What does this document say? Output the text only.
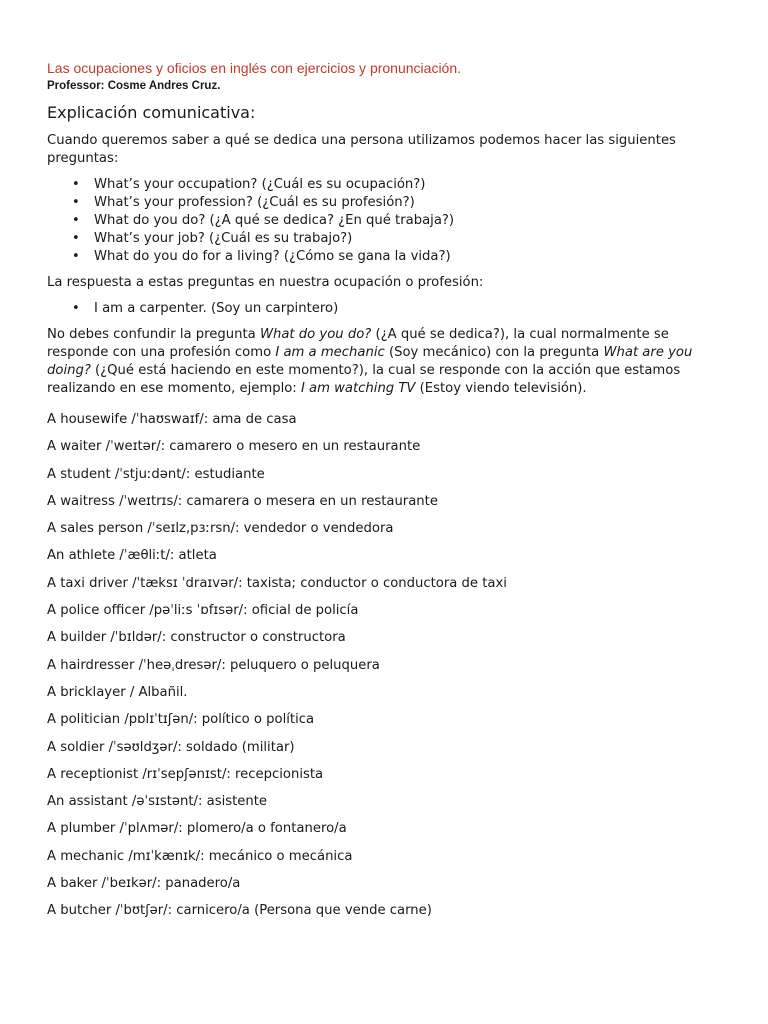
Las ocupaciones y oficios en inglés con ejercicios y pronunciación.

Professor: Cosme Andres Cruz.

Explicación comunicativa:

Cuando queremos saber a qué se dedica una persona utilizamos podemos hacer las siguientes preguntas:

• What’s your occupation? (¿Cuál es su ocupación?)
• What’s your profession? (¿Cuál es su profesión?)
• What do you do? (¿A qué se dedica? ¿En qué trabaja?)
• What’s your job? (¿Cuál es su trabajo?)
• What do you do for a living? (¿Cómo se gana la vida?)

La respuesta a estas preguntas en nuestra ocupación o profesión:

• I am a carpenter. (Soy un carpintero)

No debes confundir la pregunta What do you do? (¿A qué se dedica?), la cual normalmente se responde con una profesión como I am a mechanic (Soy mecánico) con la pregunta What are you doing? (¿Qué está haciendo en este momento?), la cual se responde con la acción que estamos realizando en ese momento, ejemplo: I am watching TV (Estoy viendo televisión).

A housewife /ˈhaʊswaɪf/: ama de casa
A waiter /ˈweɪtər/: camarero o mesero en un restaurante
A student /ˈstjuːdənt/: estudiante
A waitress /ˈweɪtrɪs/: camarera o mesera en un restaurante
A sales person /ˈseɪlz,pɜːrsn/: vendedor o vendedora
An athlete /ˈæθliːt/: atleta
A taxi driver /ˈtæksɪ ˈdraɪvər/: taxista; conductor o conductora de taxi
A police officer /pəˈliːs ˈɒfɪsər/: oficial de policía
A builder /ˈbɪldər/: constructor o constructora
A hairdresser /ˈheəˌdresər/: peluquero o peluquera
A bricklayer / Albañil.
A politician /pɒlɪˈtɪʃən/: político o política
A soldier /ˈsəʊldʒər/: soldado (militar)
A receptionist /rɪˈsepʃənɪst/: recepcionista
An assistant /əˈsɪstənt/: asistente
A plumber /ˈplʌmər/: plomero/a o fontanero/a
A mechanic /mɪˈkænɪk/: mecánico o mecánica
A baker /ˈbeɪkər/: panadero/a
A butcher /ˈbʊtʃər/: carnicero/a (Persona que vende carne)
